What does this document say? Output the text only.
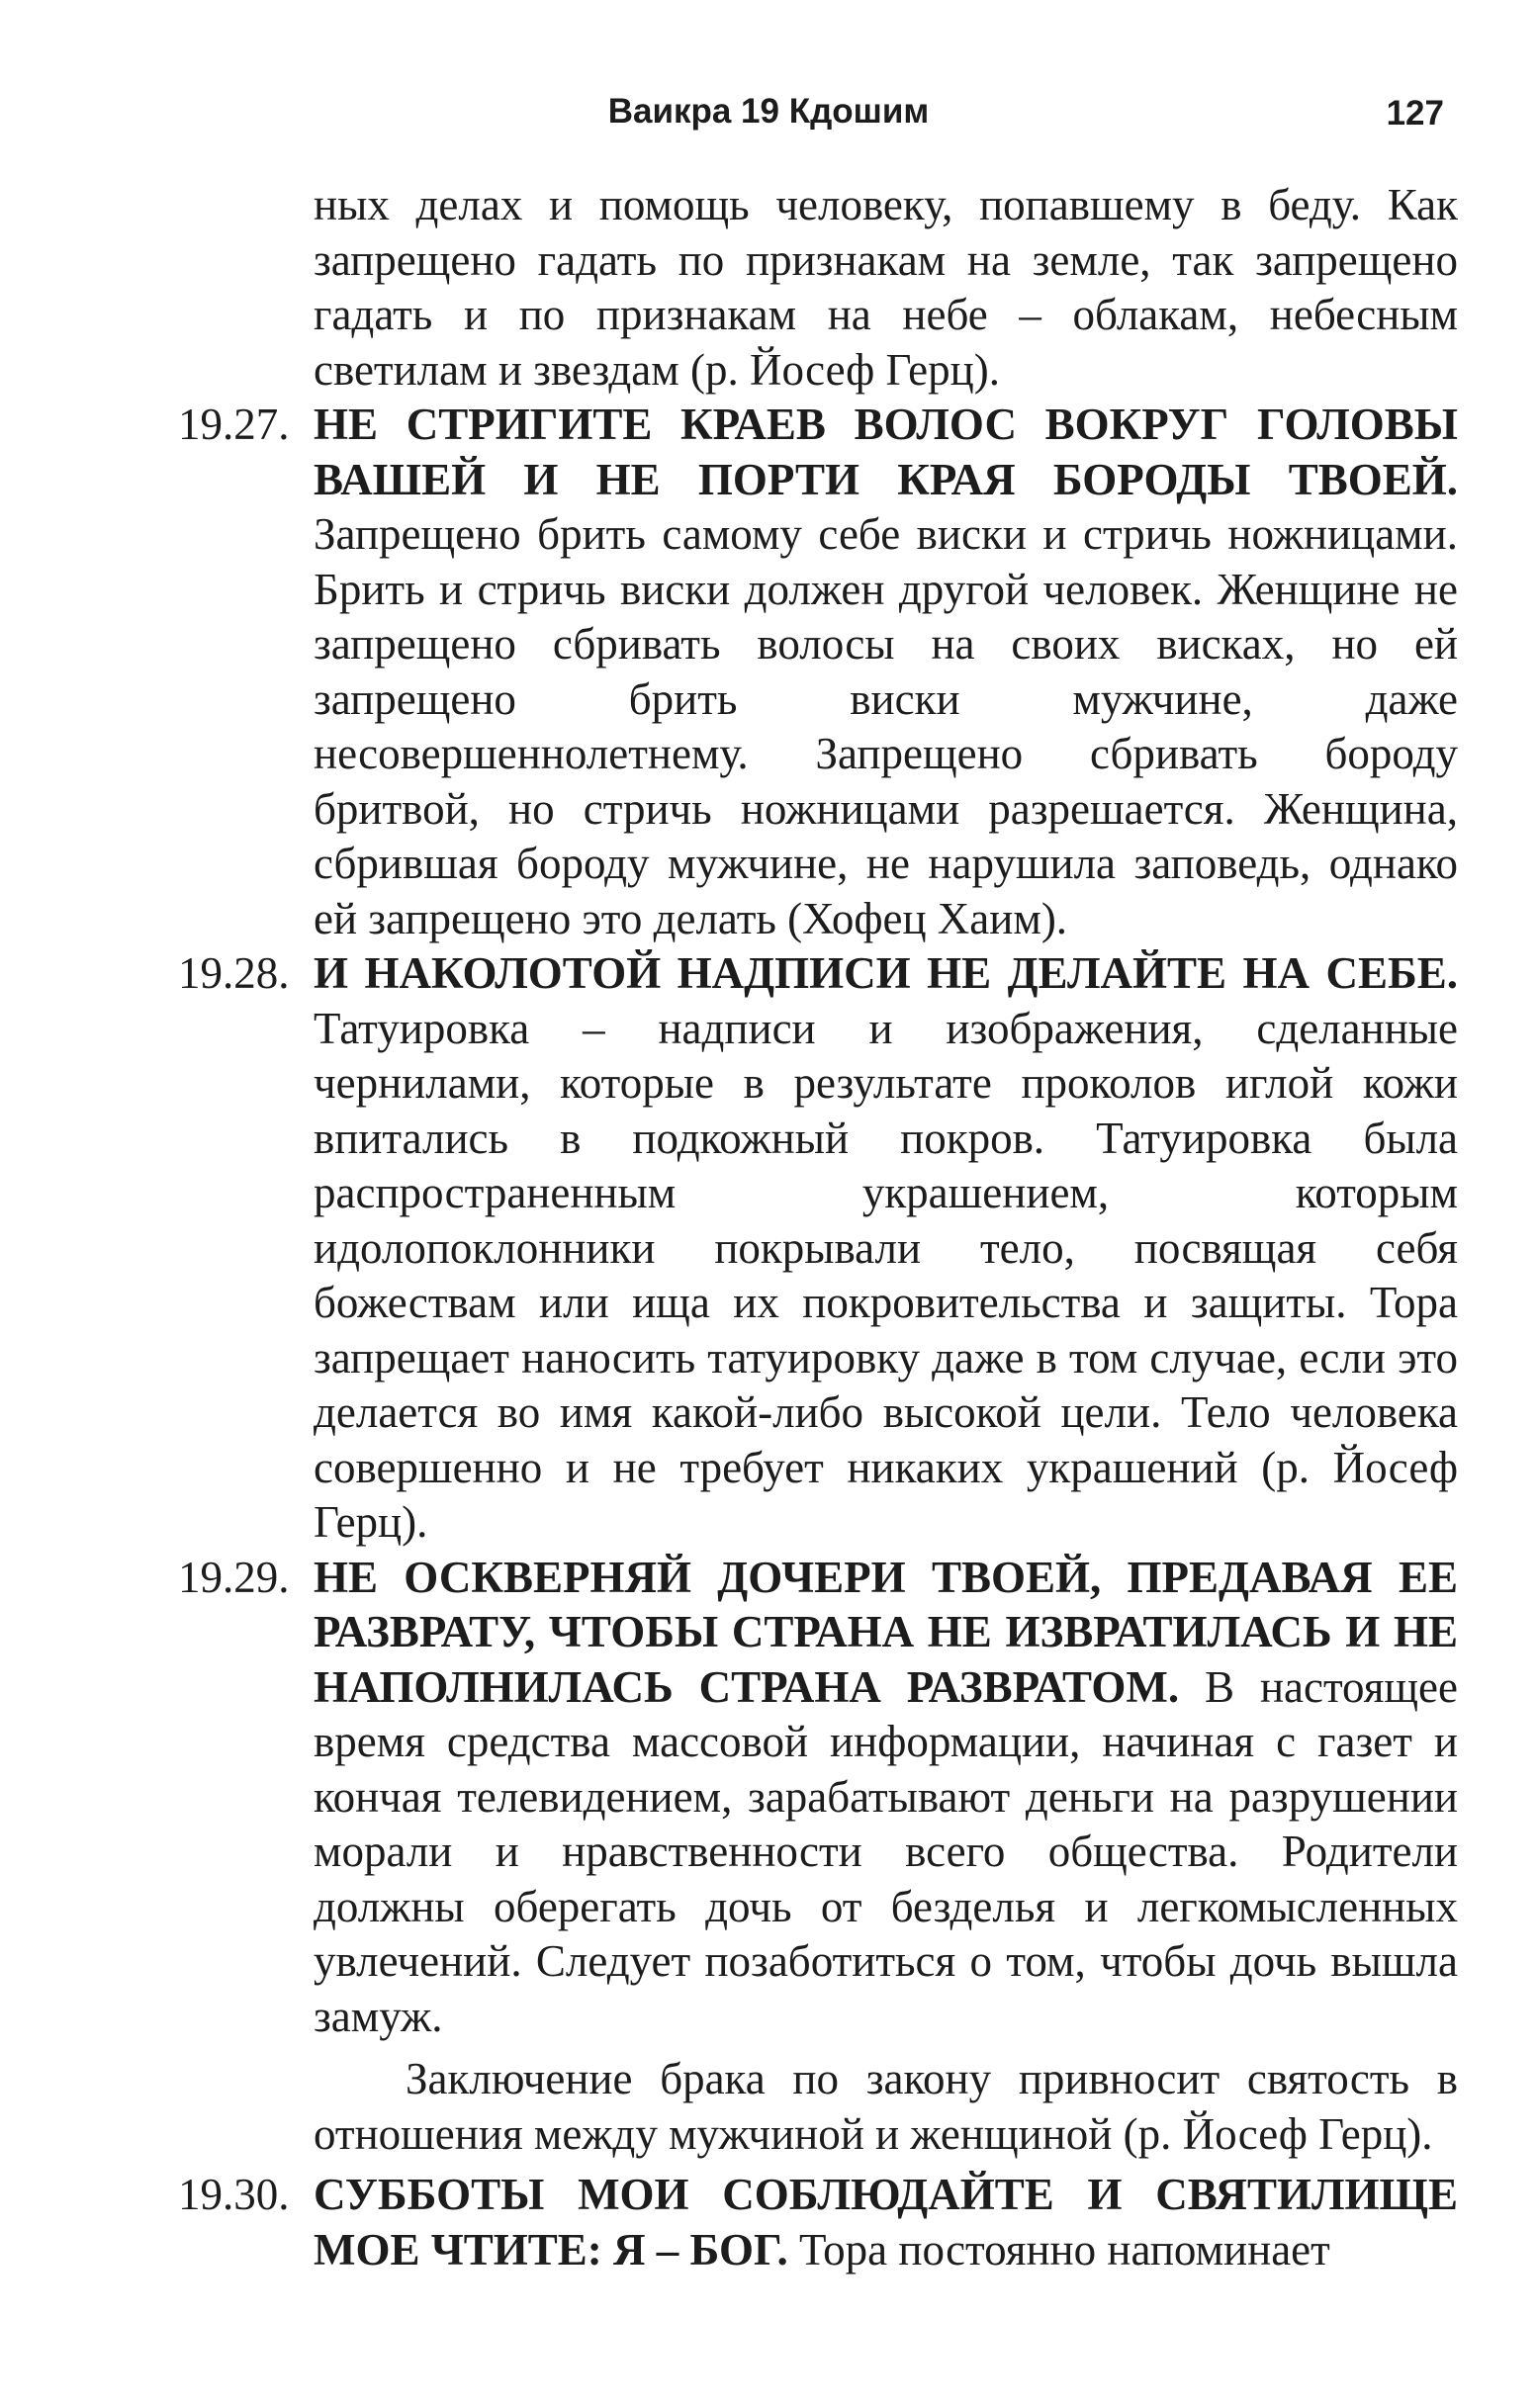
Ваикра 19 Кдошим	127

ных делах и помощь человеку, попавшему в беду. Как запрещено гадать по признакам на земле, так запрещено гадать и по признакам на небе – облакам, небесным светилам и звездам (р. Йосеф Герц).

19.27. НЕ СТРИГИТЕ КРАЕВ ВОЛОС ВОКРУГ ГОЛОВЫ ВАШЕЙ И НЕ ПОРТИ КРАЯ БОРОДЫ ТВОЕЙ. Запрещено брить самому себе виски и стричь ножницами. Брить и стричь виски должен другой человек. Женщине не запрещено сбривать волосы на своих висках, но ей запрещено брить виски мужчине, даже несовершеннолетнему. Запрещено сбривать бороду бритвой, но стричь ножницами разрешается. Женщина, сбрившая бороду мужчине, не нарушила заповедь, однако ей запрещено это делать (Хофец Хаим).
19.28. И НАКОЛОТОЙ НАДПИСИ НЕ ДЕЛАЙТЕ НА СЕБЕ. Татуировка – надписи и изображения, сделанные чернилами, которые в результате проколов иглой кожи впитались в подкожный покров. Татуировка была распространенным украшением, которым идолопоклонники покрывали тело, посвящая себя божествам или ища их покровительства и защиты. Тора запрещает наносить татуировку даже в том случае, если это делается во имя какой-либо высокой цели. Тело человека совершенно и не требует никаких украшений (р. Йосеф Герц).
19.29. НЕ ОСКВЕРНЯЙ ДОЧЕРИ ТВОЕЙ, ПРЕДАВАЯ ЕЕ РАЗВРАТУ, ЧТОБЫ СТРАНА НЕ ИЗВРАТИЛАСЬ И НЕ НАПОЛНИЛАСЬ СТРАНА РАЗВРАТОМ. В настоящее время средства массовой информации, начиная с газет и кончая телевидением, зарабатывают деньги на разрушении морали и нравственности всего общества. Родители должны оберегать дочь от безделья и легкомысленных увлечений. Следует позаботиться о том, чтобы дочь вышла замуж.

Заключение брака по закону привносит святость в отношения между мужчиной и женщиной (р. Йосеф Герц).

19.30. СУББОТЫ МОИ СОБЛЮДАЙТЕ И СВЯТИЛИЩЕ МОЕ ЧТИТЕ: Я – БОГ. Тора постоянно напоминает
